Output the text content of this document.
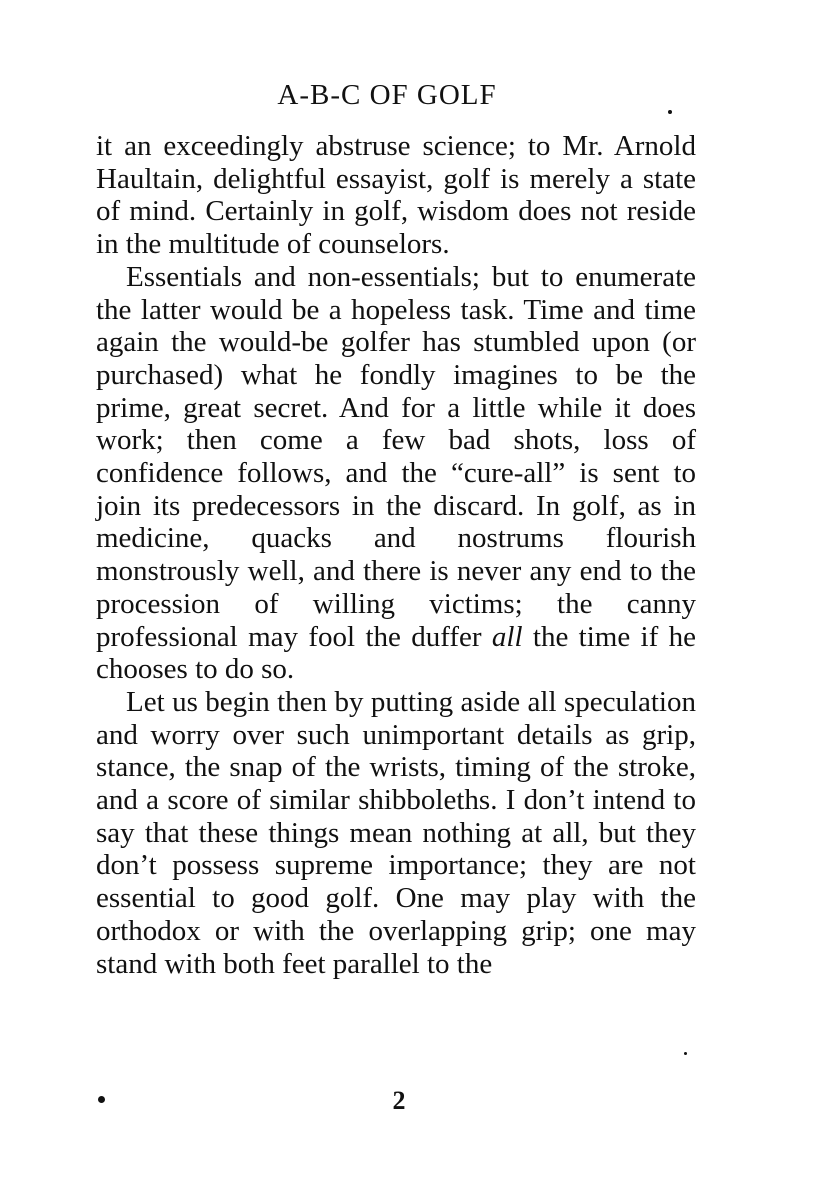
A-B-C OF GOLF

it an exceedingly abstruse science; to Mr. Arnold Haultain, delightful essayist, golf is merely a state of mind. Certainly in golf, wisdom does not reside in the multitude of counselors.

Essentials and non-essentials; but to enumerate the latter would be a hopeless task. Time and time again the would-be golfer has stumbled upon (or purchased) what he fondly imagines to be the prime, great secret. And for a little while it does work; then come a few bad shots, loss of confidence follows, and the “cure-all” is sent to join its predecessors in the discard. In golf, as in medicine, quacks and nostrums flourish monstrously well, and there is never any end to the procession of willing victims; the canny professional may fool the duffer all the time if he chooses to do so.

Let us begin then by putting aside all speculation and worry over such unimportant details as grip, stance, the snap of the wrists, timing of the stroke, and a score of similar shibboleths. I don’t intend to say that these things mean nothing at all, but they don’t possess supreme importance; they are not essential to good golf. One may play with the orthodox or with the overlapping grip; one may stand with both feet parallel to the

2
